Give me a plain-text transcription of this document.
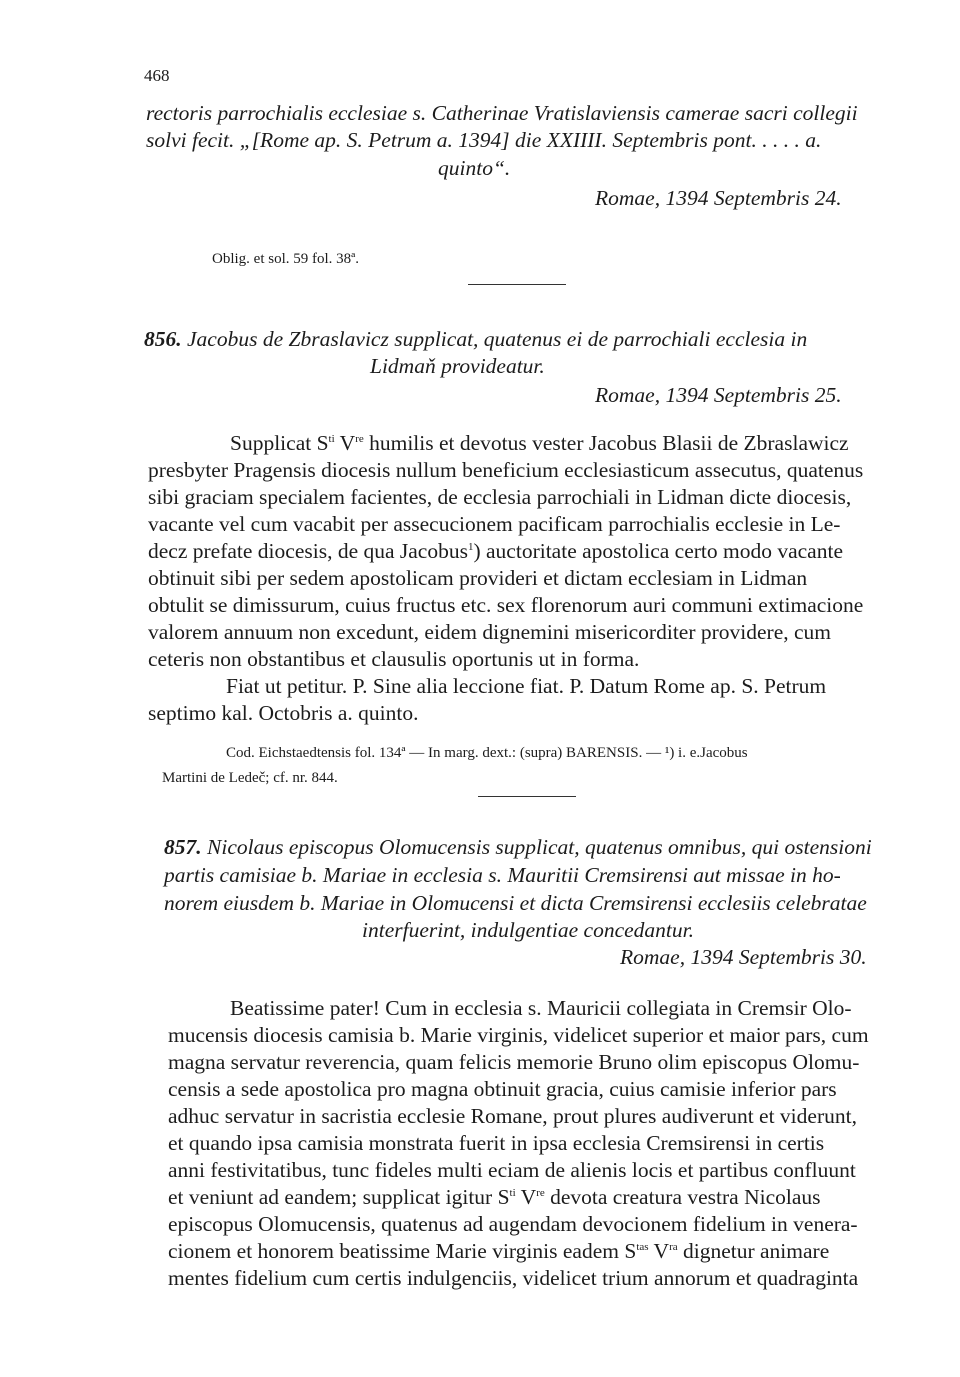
468
rectoris parrochialis ecclesiae s. Catherinae Vratislaviensis camerae sacri collegii
solvi fecit. „[Rome ap. S. Petrum a. 1394] die XXIIII. Septembris pont. . . . . a.
quinto“.
Romae, 1394 Septembris 24.
Oblig. et sol. 59 fol. 38ª.
856. Jacobus de Zbraslavicz supplicat, quatenus ei de parrochiali ecclesia in
Lidmaň provideatur.
Romae, 1394 Septembris 25.
Supplicat $S^{ti}$ Vre humilis et devotus vester Jacobus Blasii de Zbraslawicz
presbyter Pragensis diocesis nullum beneficium ecclesiasticum assecutus, quatenus
sibi graciam specialem facientes, de ecclesia parrochiali in Lidman dicte diocesis,
vacante vel cum vacabit per assecucionem pacificam parrochialis ecclesie in Le-
decz prefate diocesis, de qua Jacobus$^1$) auctoritate apostolica certo modo vacante
obtinuit sibi per sedem apostolicam provideri et dictam ecclesiam in Lidman
obtulit se dimissurum, cuius fructus etc. sex florenorum auri communi extimacione
valorem annuum non excedunt, eidem dignemini misericorditer providere, cum
ceteris non obstantibus et clausulis oportunis ut in forma.
Fiat ut petitur. P. Sine alia leccione fiat. P. Datum Rome ap. S. Petrum
septimo kal. Octobris a. quinto.
Cod. Eichstaedtensis fol. 134ª — In marg. dext.: (supra) BARENSIS. — ¹) i. e.Jacobus
Martini de Ledeč; cf. nr. 844.
857. Nicolaus episcopus Olomucensis supplicat, quatenus omnibus, qui ostensioni
partis camisiae b. Mariae in ecclesia s. Mauritii Cremsirensi aut missae in ho-
norem eiusdem b. Mariae in Olomucensi et dicta Cremsirensi ecclesiis celebratae
interfuerint, indulgentiae concedantur.
Romae, 1394 Septembris 30.
Beatissime pater! Cum in ecclesia s. Mauricii collegiata in Cremsir Olo-
mucensis diocesis camisia b. Marie virginis, videlicet superior et maior pars, cum
magna servatur reverencia, quam felicis memorie Bruno olim episcopus Olomu-
censis a sede apostolica pro magna obtinuit gracia, cuius camisie inferior pars
adhuc servatur in sacristia ecclesie Romane, prout plures audiverunt et viderunt,
et quando ipsa camisia monstrata fuerit in ipsa ecclesia Cremsirensi in certis
anni festivitatibus, tunc fideles multi eciam de alienis locis et partibus confluunt
et veniunt ad eandem; supplicat igitur $S^{ti}$ Vre devota creatura vestra Nicolaus
episcopus Olomucensis, quatenus ad augendam devocionem fidelium in venera-
cionem et honorem beatissime Marie virginis eadem $S^{tas}$ $V^{ra}$ dignetur animare
mentes fidelium cum certis indulgenciis, videlicet trium annorum et quadraginta
